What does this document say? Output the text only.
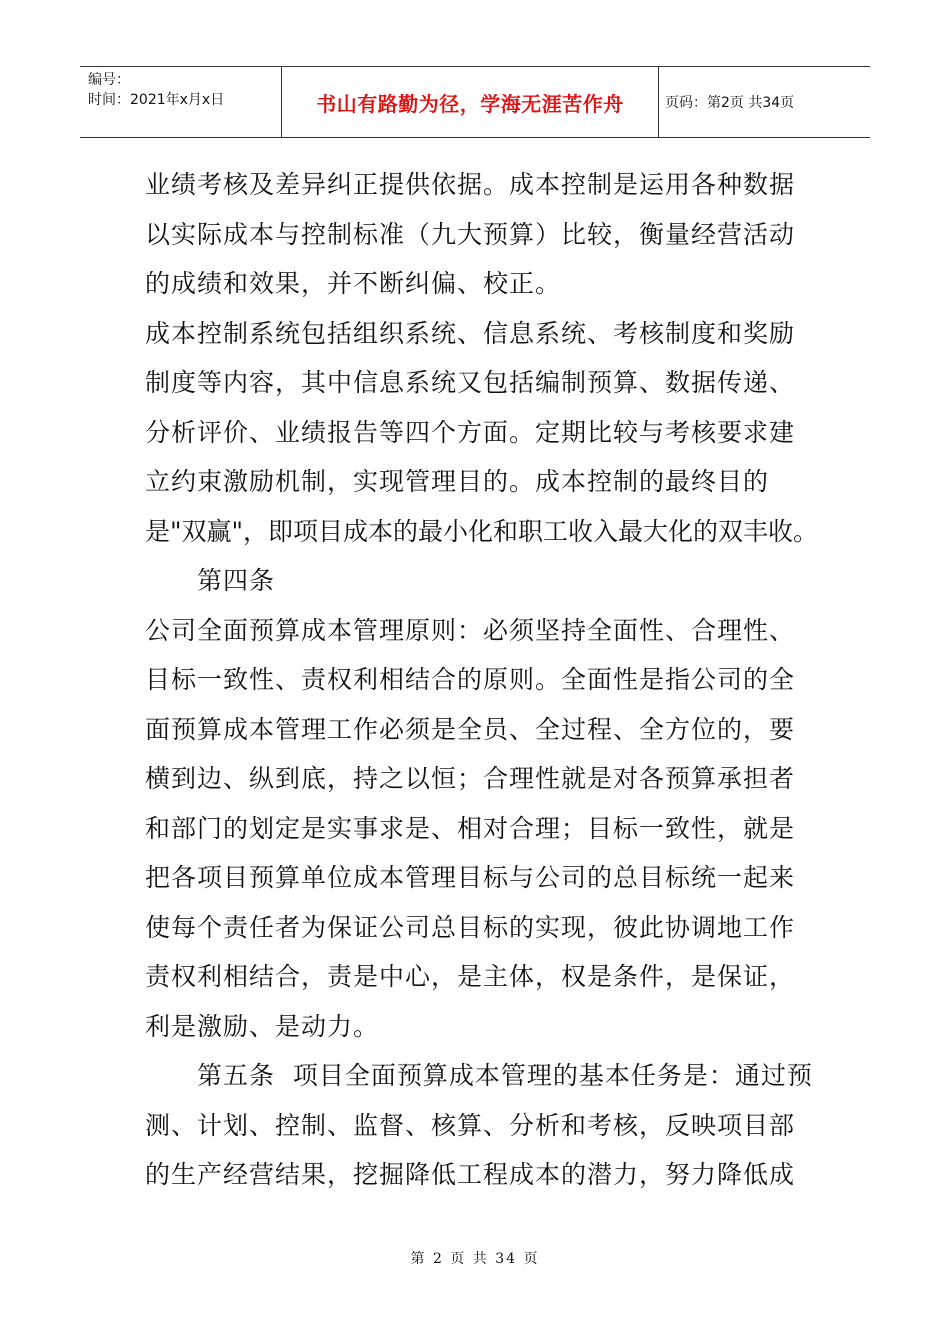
编号：
时间：2021年x月x日	书山有路勤为径，学海无涯苦作舟	页码：第2页 共34页

业绩考核及差异纠正提供依据。成本控制是运用各种数据

以实际成本与控制标准（九大预算）比较，衡量经营活动

的成绩和效果，并不断纠偏、校正。

成本控制系统包括组织系统、信息系统、考核制度和奖励

制度等内容，其中信息系统又包括编制预算、数据传递、

分析评价、业绩报告等四个方面。定期比较与考核要求建

立约束激励机制，实现管理目的。成本控制的最终目的

是"双赢"，即项目成本的最小化和职工收入最大化的双丰收。

第四条

公司全面预算成本管理原则：必须坚持全面性、合理性、

目标一致性、责权利相结合的原则。全面性是指公司的全

面预算成本管理工作必须是全员、全过程、全方位的，要

横到边、纵到底，持之以恒；合理性就是对各预算承担者

和部门的划定是实事求是、相对合理；目标一致性，就是

把各项目预算单位成本管理目标与公司的总目标统一起来

使每个责任者为保证公司总目标的实现，彼此协调地工作

责权利相结合，责是中心，是主体，权是条件，是保证，

利是激励、是动力。

第五条  项目全面预算成本管理的基本任务是：通过预

测、计划、控制、监督、核算、分析和考核，反映项目部

的生产经营结果，挖掘降低工程成本的潜力，努力降低成

第 2 页 共 34 页
